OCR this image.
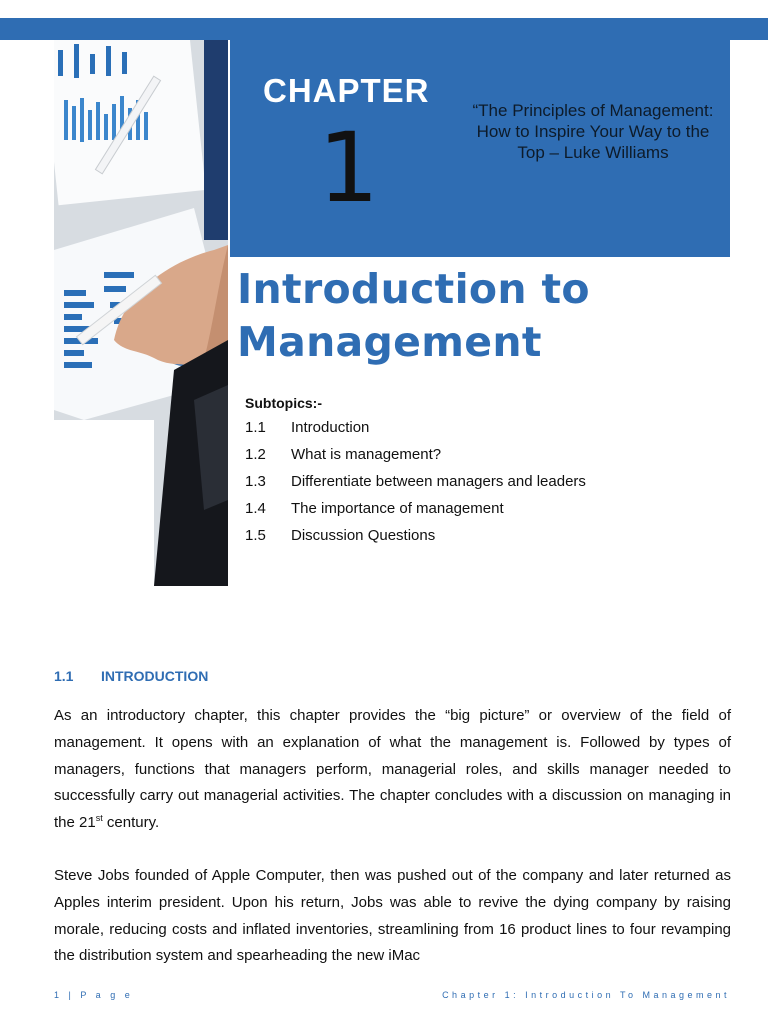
CHAPTER
1
“The Principles of Management: How to Inspire Your Way to the Top – Luke Williams
Introduction to Management
Subtopics:-
1.1 Introduction
1.2 What is management?
1.3 Differentiate between managers and leaders
1.4 The importance of management
1.5 Discussion Questions
1.1 INTRODUCTION

As an introductory chapter, this chapter provides the “big picture” or overview of the field of management. It opens with an explanation of what the management is. Followed by types of managers, functions that managers perform, managerial roles, and skills manager needed to successfully carry out managerial activities. The chapter concludes with a discussion on managing in the 21st century.

Steve Jobs founded of Apple Computer, then was pushed out of the company and later returned as Apples interim president. Upon his return, Jobs was able to revive the dying company by raising morale, reducing costs and inflated inventories, streamlining from 16 product lines to four revamping the distribution system and spearheading the new iMac

1 | P a g e	Chapter 1: Introduction To Management
